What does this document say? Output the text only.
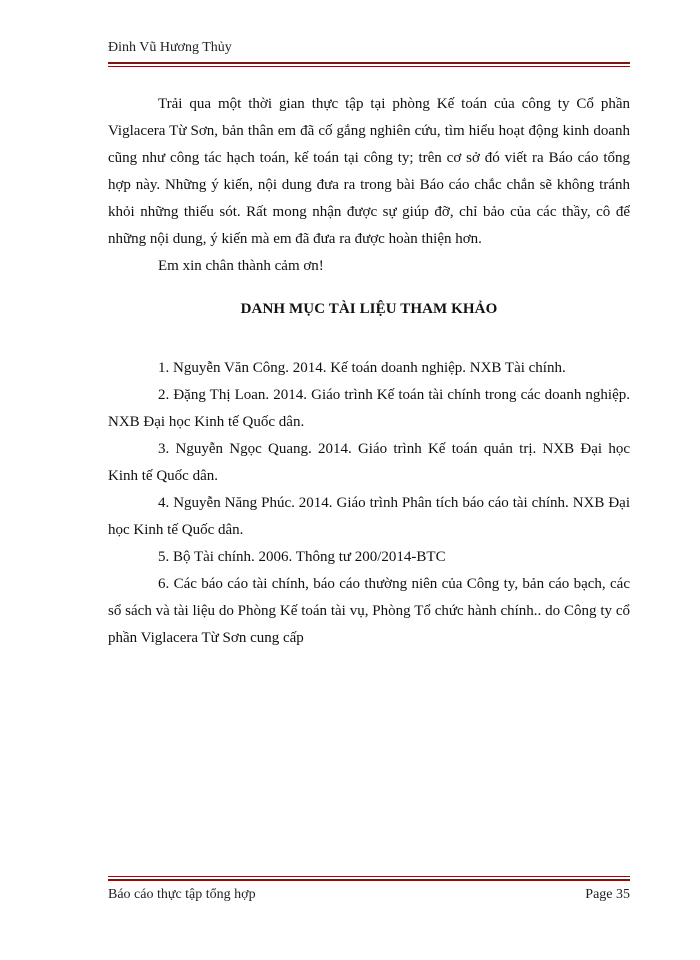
Đinh Vũ Hương Thủy

Trải qua một thời gian thực tập tại phòng Kế toán của công ty Cổ phần Viglacera Từ Sơn, bản thân em đã cố gắng nghiên cứu, tìm hiểu hoạt động kinh doanh cũng như công tác hạch toán, kế toán tại công ty; trên cơ sở đó viết ra Báo cáo tổng hợp này. Những ý kiến, nội dung đưa ra trong bài Báo cáo chắc chắn sẽ không tránh khỏi những thiếu sót. Rất mong nhận được sự giúp đỡ, chỉ bảo của các thầy, cô để những nội dung, ý kiến mà em đã đưa ra được hoàn thiện hơn.

Em xin chân thành cảm ơn!

DANH MỤC TÀI LIỆU THAM KHẢO

1. Nguyễn Văn Công. 2014. Kế toán doanh nghiệp. NXB Tài chính.

2. Đặng Thị Loan. 2014. Giáo trình Kế toán tài chính trong các doanh nghiệp. NXB Đại học Kinh tế Quốc dân.

3. Nguyễn Ngọc Quang. 2014. Giáo trình Kế toán quản trị. NXB Đại học Kinh tế Quốc dân.

4. Nguyễn Năng Phúc. 2014. Giáo trình Phân tích báo cáo tài chính. NXB Đại học Kinh tế Quốc dân.

5. Bộ Tài chính. 2006. Thông tư 200/2014-BTC

6. Các báo cáo tài chính, báo cáo thường niên của Công ty, bản cáo bạch, các sổ sách và tài liệu do Phòng Kế toán tài vụ, Phòng Tổ chức hành chính.. do Công ty cổ phần Viglacera Từ Sơn cung cấp

Báo cáo thực tập tổng hợp	Page 35
